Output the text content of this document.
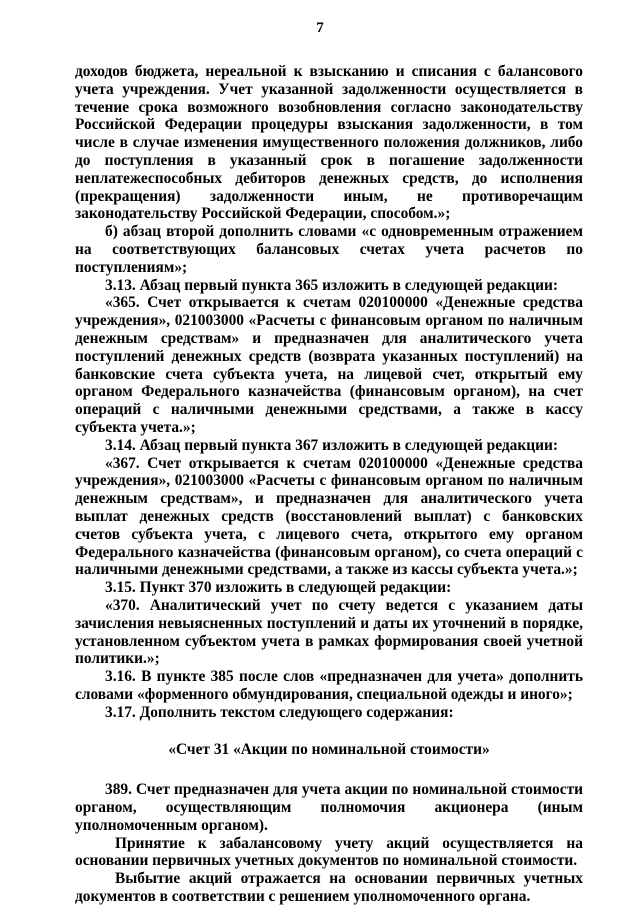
7

доходов бюджета, нереальной к взысканию и списания с балансового учета учреждения. Учет указанной задолженности осуществляется в течение срока возможного возобновления согласно законодательству Российской Федерации процедуры взыскания задолженности, в том числе в случае изменения имущественного положения должников, либо до поступления в указанный срок в погашение задолженности неплатежеспособных дебиторов денежных средств, до исполнения (прекращения) задолженности иным, не противоречащим законодательству Российской Федерации, способом.»;

б) абзац второй дополнить словами «с одновременным отражением на соответствующих балансовых счетах учета расчетов по поступлениям»;

3.13. Абзац первый пункта 365 изложить в следующей редакции:

«365. Счет открывается к счетам 020100000 «Денежные средства учреждения», 021003000 «Расчеты с финансовым органом по наличным денежным средствам» и предназначен для аналитического учета поступлений денежных средств (возврата указанных поступлений) на банковские счета субъекта учета, на лицевой счет, открытый ему органом Федерального казначейства (финансовым органом), на счет операций с наличными денежными средствами, а также в кассу субъекта учета.»;

3.14. Абзац первый пункта 367 изложить в следующей редакции:

«367. Счет открывается к счетам 020100000 «Денежные средства учреждения», 021003000 «Расчеты с финансовым органом по наличным денежным средствам», и предназначен для аналитического учета выплат денежных средств (восстановлений выплат) с банковских счетов субъекта учета, с лицевого счета, открытого ему органом Федерального казначейства (финансовым органом), со счета операций с наличными денежными средствами, а также из кассы субъекта учета.»;

3.15. Пункт 370 изложить в следующей редакции:

«370. Аналитический учет по счету ведется с указанием даты зачисления невыясненных поступлений и даты их уточнений в порядке, установленном субъектом учета в рамках формирования своей учетной политики.»;

3.16. В пункте 385 после слов «предназначен для учета» дополнить словами «форменного обмундирования, специальной одежды и иного»;

3.17. Дополнить текстом следующего содержания:

«Счет 31 «Акции по номинальной стоимости»

389. Счет предназначен для учета акции по номинальной стоимости органом, осуществляющим полномочия акционера (иным уполномоченным органом).

Принятие к забалансовому учету акций осуществляется на основании первичных учетных документов по номинальной стоимости.

Выбытие акций отражается на основании первичных учетных документов в соответствии с решением уполномоченного органа.
